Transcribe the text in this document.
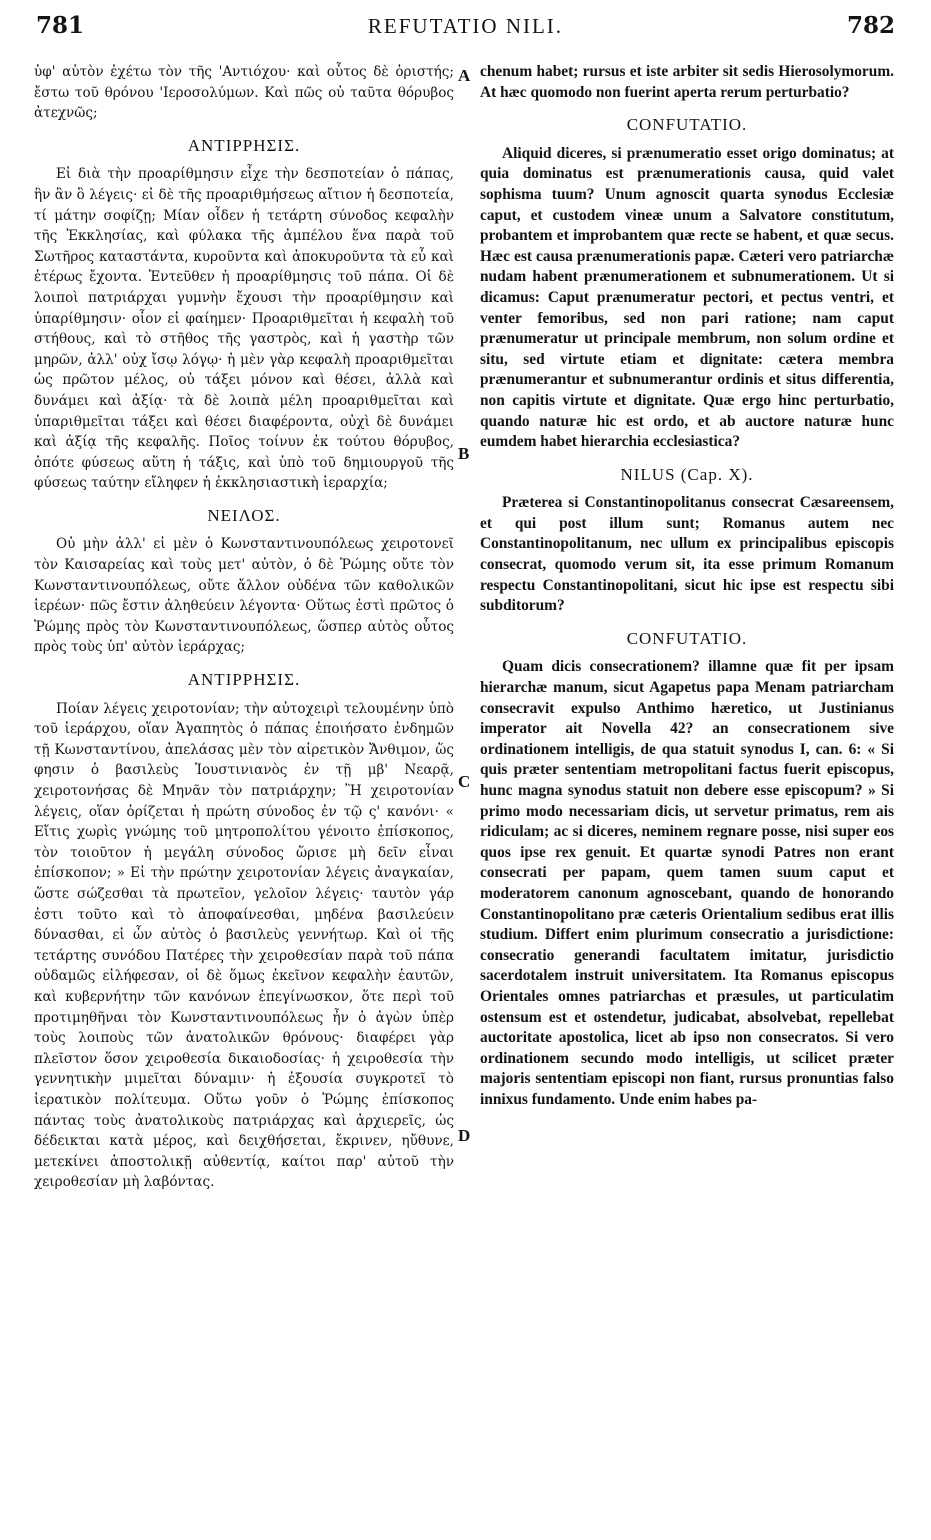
781	REFUTATIO NILI.	782
A
B
C
D

ὑφ' αὑτὸν ἐχέτω τὸν τῆς 'Αντιόχου· καὶ οὗτος δὲ ὁριστής; ἔστω τοῦ θρόνου 'Ιεροσολύμων. Καὶ πῶς οὐ ταῦτα θόρυβος ἀτεχνῶς;

ΑΝΤΙΡΡΗΣΙΣ.

Εἰ διὰ τὴν προαρίθμησιν εἶχε τὴν δεσποτείαν ὁ πάπας, ἣν ἂν ὃ λέγεις· εἰ δὲ τῆς προαριθμήσεως αἴτιον ἡ δεσποτεία, τί μάτην σοφίζῃ; Μίαν οἶδεν ἡ τετάρτη σύνοδος κεφαλὴν τῆς Ἐκκλησίας, καὶ φύλακα τῆς ἀμπέλου ἕνα παρὰ τοῦ Σωτῆρος καταστάντα, κυροῦντα καὶ ἀποκυροῦντα τὰ εὖ καὶ ἑτέρως ἔχοντα. Ἐντεῦθεν ἡ προαρίθμησις τοῦ πάπα. Οἱ δὲ λοιποὶ πατριάρχαι γυμνὴν ἔχουσι τὴν προαρίθμησιν καὶ ὑπαρίθμησιν· οἷον εἰ φαίημεν· Προαριθμεῖται ἡ κεφαλὴ τοῦ στήθους, καὶ τὸ στῆθος τῆς γαστρὸς, καὶ ἡ γαστὴρ τῶν μηρῶν, ἀλλ' οὐχ ἴσῳ λόγῳ· ἡ μὲν γὰρ κεφαλὴ προαριθμεῖται ὡς πρῶτον μέλος, οὐ τάξει μόνον καὶ θέσει, ἀλλὰ καὶ δυνάμει καὶ ἀξίᾳ· τὰ δὲ λοιπὰ μέλη προαριθμεῖται καὶ ὑπαριθμεῖται τάξει καὶ θέσει διαφέροντα, οὐχὶ δὲ δυνάμει καὶ ἀξίᾳ τῆς κεφαλῆς. Ποῖος τοίνυν ἐκ τούτου θόρυβος, ὁπότε φύσεως αὕτη ἡ τάξις, καὶ ὑπὸ τοῦ δημιουργοῦ τῆς φύσεως ταύτην εἴληφεν ἡ ἐκκλησιαστικὴ ἱεραρχία;

ΝΕΙΛΟΣ.

Οὐ μὴν ἀλλ' εἰ μὲν ὁ Κωνσταντινουπόλεως χειροτονεῖ τὸν Καισαρείας καὶ τοὺς μετ' αὐτὸν, ὁ δὲ Ῥώμης οὔτε τὸν Κωνσταντινουπόλεως, οὔτε ἄλλον οὐδένα τῶν καθολικῶν ἱερέων· πῶς ἔστιν ἀληθεύειν λέγοντα· Οὕτως ἐστὶ πρῶτος ὁ Ῥώμης πρὸς τὸν Κωνσταντινουπόλεως, ὥσπερ αὐτὸς οὗτος πρὸς τοὺς ὑπ' αὐτὸν ἱεράρχας;

ΑΝΤΙΡΡΗΣΙΣ.

Ποίαν λέγεις χειροτονίαν; τὴν αὐτοχειρὶ τελουμένην ὑπὸ τοῦ ἱεράρχου, οἵαν Ἀγαπητὸς ὁ πάπας ἐποιήσατο ἐνδημῶν τῇ Κωνσταντίνου, ἀπελάσας μὲν τὸν αἱρετικὸν Ἄνθιμον, ὥς φησιν ὁ βασιλεὺς Ἰουστινιανὸς ἐν τῇ μβ' Νεαρᾷ, χειροτονήσας δὲ Μηνᾶν τὸν πατριάρχην; Ἢ χειροτονίαν λέγεις, οἵαν ὁρίζεται ἡ πρώτη σύνοδος ἐν τῷ ς' κανόνι· « Εἴτις χωρὶς γνώμης τοῦ μητροπολίτου γένοιτο ἐπίσκοπος, τὸν τοιοῦτον ἡ μεγάλη σύνοδος ὥρισε μὴ δεῖν εἶναι ἐπίσκοπον; » Εἰ τὴν πρώτην χειροτονίαν λέγεις ἀναγκαίαν, ὥστε σώζεσθαι τὰ πρωτεῖον, γελοῖον λέγεις· ταυτὸν γάρ ἐστι τοῦτο καὶ τὸ ἀποφαίνεσθαι, μηδένα βασιλεύειν δύνασθαι, εἰ ὧν αὐτὸς ὁ βασιλεὺς γεννήτωρ. Καὶ οἱ τῆς τετάρτης συνόδου Πατέρες τὴν χειροθεσίαν παρὰ τοῦ πάπα οὐδαμῶς εἰλήφεσαν, οἱ δὲ ὅμως ἐκεῖνον κεφαλὴν ἑαυτῶν, καὶ κυβερνήτην τῶν κανόνων ἐπεγίνωσκον, ὅτε περὶ τοῦ προτιμηθῆναι τὸν Κωνσταντινουπόλεως ἦν ὁ ἀγὼν ὑπὲρ τοὺς λοιποὺς τῶν ἀνατολικῶν θρόνους· διαφέρει γὰρ πλεῖστον ὅσον χειροθεσία δικαιοδοσίας· ἡ χειροθεσία τὴν γεννητικὴν μιμεῖται δύναμιν· ἡ ἐξουσία συγκροτεῖ τὸ ἱερατικὸν πολίτευμα. Οὕτω γοῦν ὁ Ῥώμης ἐπίσκοπος πάντας τοὺς ἀνατολικοὺς πατριάρχας καὶ ἀρχιερεῖς, ὡς δέδεικται κατὰ μέρος, καὶ δειχθήσεται, ἔκρινεν, ηὔθυνε, μετεκίνει ἀποστολικῇ αὐθεντίᾳ, καίτοι παρ' αὐτοῦ τὴν χειροθεσίαν μὴ λαβόντας.

chenum habet; rursus et iste arbiter sit sedis Hierosolymorum. At hæc quomodo non fuerint aperta rerum perturbatio?

CONFUTATIO.

Aliquid diceres, si prænumeratio esset origo dominatus; at quia dominatus est prænumerationis causa, quid valet sophisma tuum? Unum agnoscit quarta synodus Ecclesiæ caput, et custodem vineæ unum a Salvatore constitutum, probantem et improbantem quæ recte se habent, et quæ secus. Hæc est causa prænumerationis papæ. Cæteri vero patriarchæ nudam habent prænumerationem et subnumerationem. Ut si dicamus: Caput prænumeratur pectori, et pectus ventri, et venter femoribus, sed non pari ratione; nam caput prænumeratur ut principale membrum, non solum ordine et situ, sed virtute etiam et dignitate: cætera membra prænumerantur et subnumerantur ordinis et situs differentia, non capitis virtute et dignitate. Quæ ergo hinc perturbatio, quando naturæ hic est ordo, et ab auctore naturæ hunc eumdem habet hierarchia ecclesiastica?

NILUS (Cap. X).

Præterea si Constantinopolitanus consecrat Cæsareensem, et qui post illum sunt; Romanus autem nec Constantinopolitanum, nec ullum ex principalibus episcopis consecrat, quomodo verum sit, ita esse primum Romanum respectu Constantinopolitani, sicut hic ipse est respectu sibi subditorum?

CONFUTATIO.

Quam dicis consecrationem? illamne quæ fit per ipsam hierarchæ manum, sicut Agapetus papa Menam patriarcham consecravit expulso Anthimo hæretico, ut Justinianus imperator ait Novella 42? an consecrationem sive ordinationem intelligis, de qua statuit synodus I, can. 6: « Si quis præter sententiam metropolitani factus fuerit episcopus, hunc magna synodus statuit non debere esse episcopum? » Si primo modo necessariam dicis, ut servetur primatus, rem ais ridiculam; ac si diceres, neminem regnare posse, nisi super eos quos ipse rex genuit. Et quartæ synodi Patres non erant consecrati per papam, quem tamen suum caput et moderatorem canonum agnoscebant, quando de honorando Constantinopolitano præ cæteris Orientalium sedibus erat illis studium. Differt enim plurimum consecratio a jurisdictione: consecratio generandi facultatem imitatur, jurisdictio sacerdotalem instruit universitatem. Ita Romanus episcopus Orientales omnes patriarchas et præsules, ut particulatim ostensum est et ostendetur, judicabat, absolvebat, repellebat auctoritate apostolica, licet ab ipso non consecratos. Si vero ordinationem secundo modo intelligis, ut scilicet præter majoris sententiam episcopi non fiant, rursus pronuntias falso innixus fundamento. Unde enim habes pa-
